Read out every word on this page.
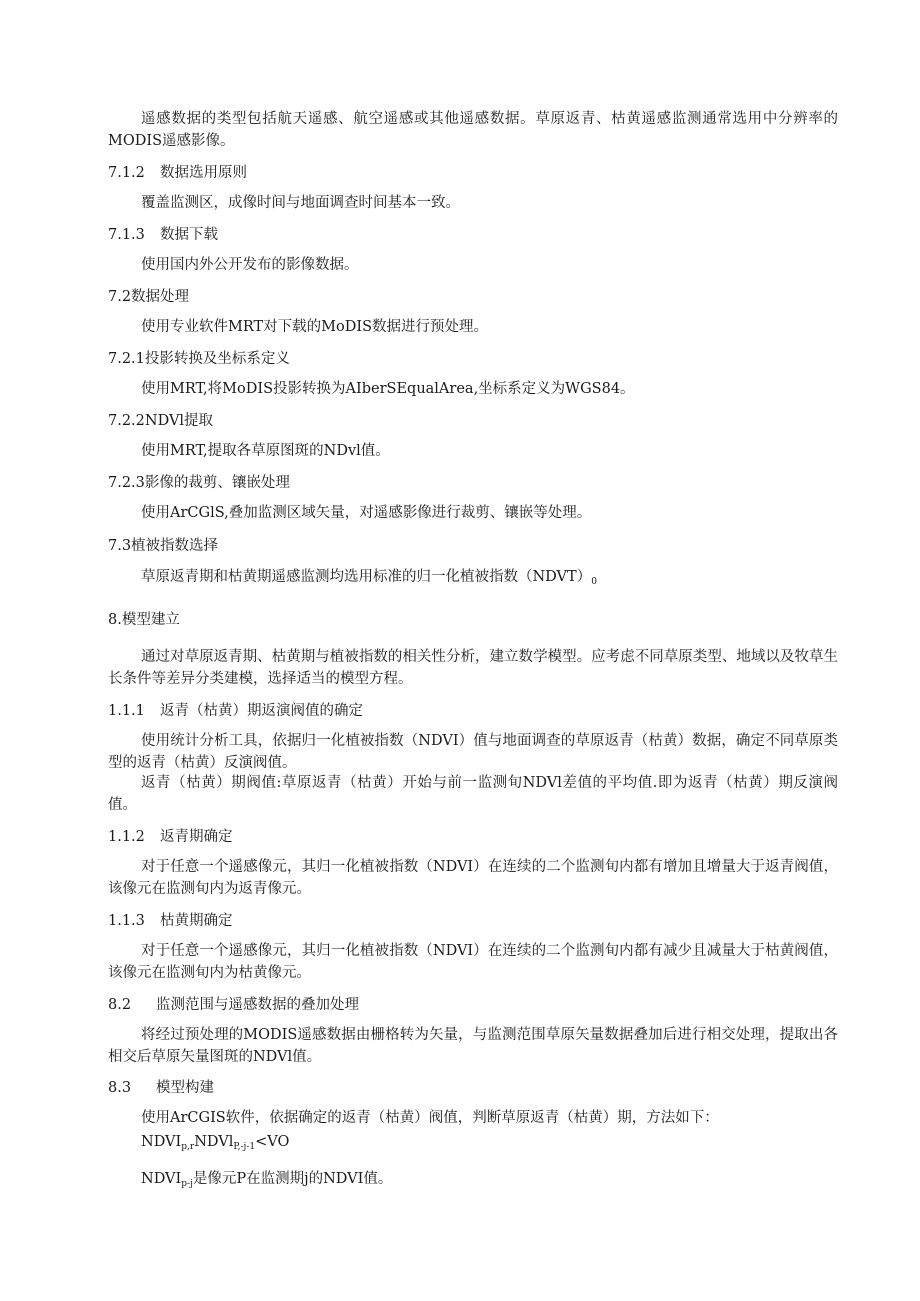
遥感数据的类型包括航天遥感、航空遥感或其他遥感数据。草原返青、枯黄遥感监测通常选用中分辨率的MODIS遥感影像。
7.1.2 数据选用原则
覆盖监测区，成像时间与地面调查时间基本一致。
7.1.3 数据下载
使用国内外公开发布的影像数据。
7.2数据处理
使用专业软件MRT对下载的MoDIS数据进行预处理。
7.2.1投影转换及坐标系定义
使用MRT,将MoDIS投影转换为AIberSEqualArea,坐标系定义为WGS84。
7.2.2NDVl提取
使用MRT,提取各草原图斑的NDvl值。
7.2.3影像的裁剪、镶嵌处理
使用ArCGlS,叠加监测区域矢量，对遥感影像进行裁剪、镶嵌等处理。
7.3植被指数选择
草原返青期和枯黄期遥感监测均选用标准的归一化植被指数$(NDVT)_0$
8.模型建立
通过对草原返青期、枯黄期与植被指数的相关性分析，建立数学模型。应考虑不同草原类型、地域以及牧草生长条件等差异分类建模，选择适当的模型方程。
1.1.1 返青（枯黄）期返演阀值的确定
使用统计分析工具，依据归一化植被指数（NDVI）值与地面调查的草原返青（枯黄）数据，确定不同草原类型的返青（枯黄）反演阀值。
返青（枯黄）期阀值:草原返青（枯黄）开始与前一监测旬NDVl差值的平均值.即为返青（枯黄）期反演阀值。
1.1.2 返青期确定
对于任意一个遥感像元，其归一化植被指数（NDVI）在连续的二个监测旬内都有增加且增量大于返青阀值，该像元在监测旬内为返青像元。
1.1.3 枯黄期确定
对于任意一个遥感像元，其归一化植被指数（NDVI）在连续的二个监测旬内都有减少且减量大于枯黄阀值，该像元在监测旬内为枯黄像元。
8.2 监测范围与遥感数据的叠加处理
将经过预处理的MODIS遥感数据由栅格转为矢量，与监测范围草原矢量数据叠加后进行相交处理，提取出各相交后草原矢量图斑的NDVl值。
8.3 模型构建
使用ArCGIS软件，依据确定的返青（枯黄）阀值，判断草原返青（枯黄）期，方法如下：
$NDVI_{p,r}NDVl_{P,-j-1}<VO$
$NDVI_{p-j}$是像元P在监测期j的NDVI值。
